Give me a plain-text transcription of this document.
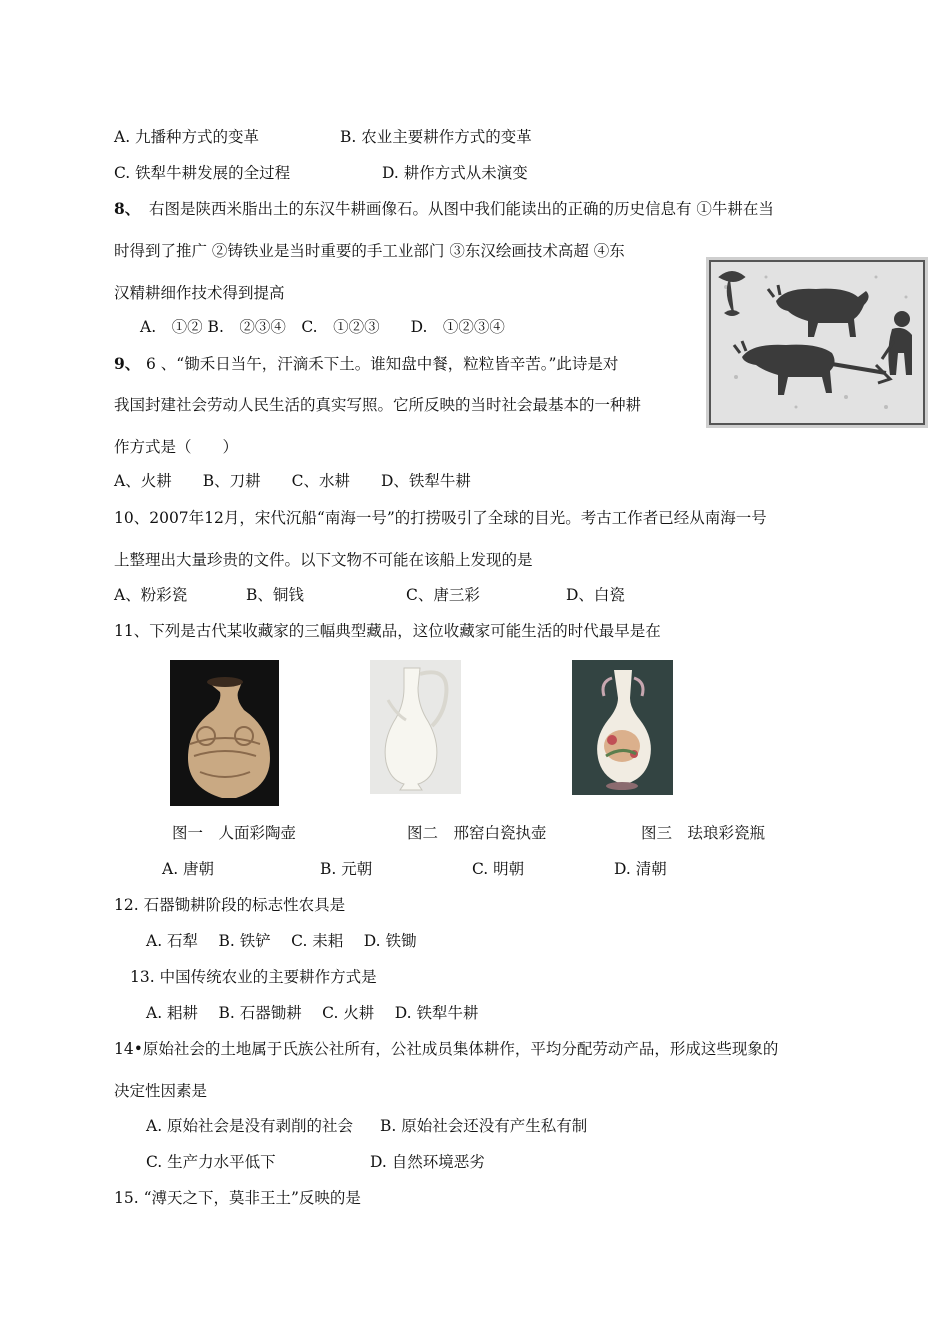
A. 九播种方式的变革	B. 农业主要耕作方式的变革
C. 铁犁牛耕发展的全过程	D. 耕作方式从未演变
8、 右图是陕西米脂出土的东汉牛耕画像石。从图中我们能读出的正确的历史信息有 ①牛耕在当
时得到了推广 ②铸铁业是当时重要的手工业部门 ③东汉绘画技术高超 ④东
汉精耕细作技术得到提高
A.　①② B.　②③④　C.　①②③　　D.　①②③④
9、 6 、“锄禾日当午，汗滴禾下土。谁知盘中餐，粒粒皆辛苦。”此诗是对
我国封建社会劳动人民生活的真实写照。它所反映的当时社会最基本的一种耕
作方式是（　　）
A、火耕　　B、刀耕　　C、水耕　　D、铁犁牛耕
10、2007年12月，宋代沉船“南海一号”的打捞吸引了全球的目光。考古工作者已经从南海一号
上整理出大量珍贵的文件。以下文物不可能在该船上发现的是
A、粉彩瓷	B、铜钱	C、唐三彩	D、白瓷
11、下列是古代某收藏家的三幅典型藏品，这位收藏家可能生活的时代最早是在
图一　人面彩陶壶	图二　邢窑白瓷执壶	图三　珐琅彩瓷瓶
A. 唐朝	B. 元朝	C. 明朝	D. 清朝
12. 石器锄耕阶段的标志性农具是
A. 石犁　 B. 铁铲　 C. 耒耜　 D. 铁锄
13. 中国传统农业的主要耕作方式是
A. 耜耕　 B. 石器锄耕　 C. 火耕　 D. 铁犁牛耕
14•原始社会的土地属于氏族公社所有，公社成员集体耕作，平均分配劳动产品，形成这些现象的
决定性因素是
A. 原始社会是没有剥削的社会 B. 原始社会还没有产生私有制
C. 生产力水平低下	D. 自然环境恶劣
15. “溥天之下，莫非王土”反映的是
